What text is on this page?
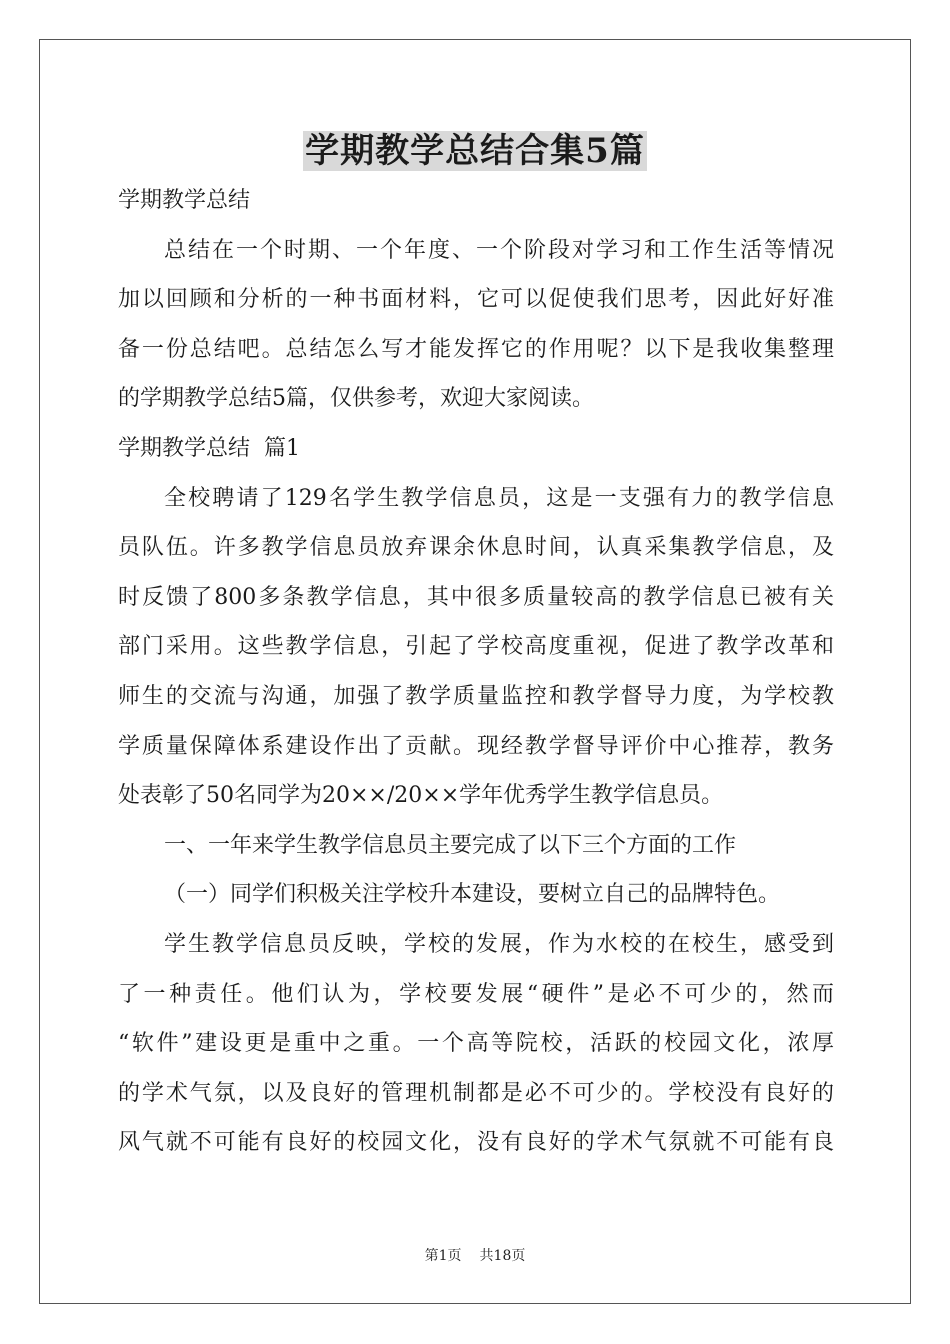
学期教学总结合集5篇
学期教学总结
总结在一个时期、一个年度、一个阶段对学习和工作生活等情况
加以回顾和分析的一种书面材料，它可以促使我们思考，因此好好准
备一份总结吧。总结怎么写才能发挥它的作用呢？以下是我收集整理
的学期教学总结5篇，仅供参考，欢迎大家阅读。
学期教学总结  篇1
全校聘请了129名学生教学信息员，这是一支强有力的教学信息
员队伍。许多教学信息员放弃课余休息时间，认真采集教学信息，及
时反馈了800多条教学信息，其中很多质量较高的教学信息已被有关
部门采用。这些教学信息，引起了学校高度重视，促进了教学改革和
师生的交流与沟通，加强了教学质量监控和教学督导力度，为学校教
学质量保障体系建设作出了贡献。现经教学督导评价中心推荐，教务
处表彰了50名同学为20××/20××学年优秀学生教学信息员。
一、一年来学生教学信息员主要完成了以下三个方面的工作
（一）同学们积极关注学校升本建设，要树立自己的品牌特色。
学生教学信息员反映，学校的发展，作为水校的在校生，感受到
了一种责任。他们认为，学校要发展“硬件”是必不可少的，然而
“软件”建设更是重中之重。一个高等院校，活跃的校园文化，浓厚
的学术气氛，以及良好的管理机制都是必不可少的。学校没有良好的
风气就不可能有良好的校园文化，没有良好的学术气氛就不可能有良
第1页 共18页
